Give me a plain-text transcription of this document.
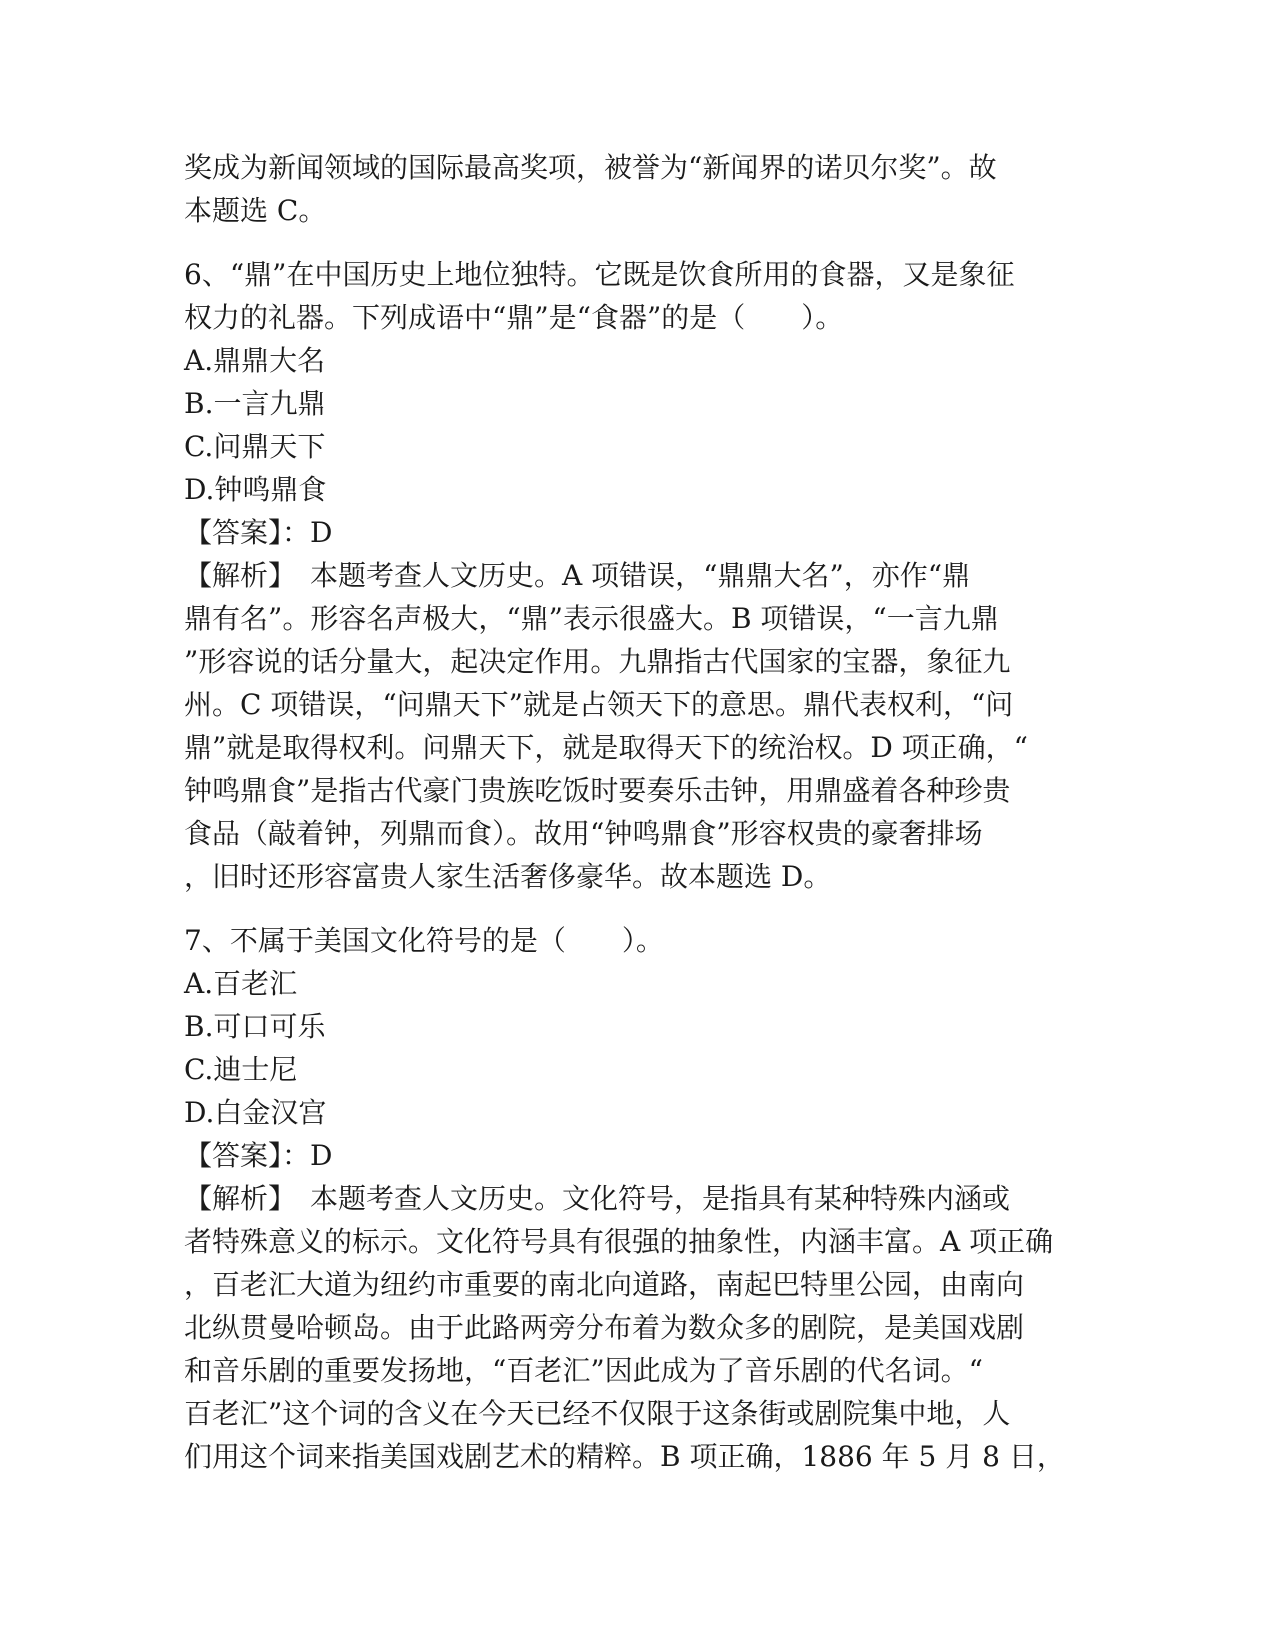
奖成为新闻领域的国际最高奖项，被誉为“新闻界的诺贝尔奖”。故
本题选 C。
6、“鼎”在中国历史上地位独特。它既是饮食所用的食器，又是象征
权力的礼器。下列成语中“鼎”是“食器”的是（　　）。
A.鼎鼎大名
B.一言九鼎
C.问鼎天下
D.钟鸣鼎食
【答案】：D
【解析】　本题考查人文历史。A 项错误，“鼎鼎大名”，亦作“鼎
鼎有名”。形容名声极大，“鼎”表示很盛大。B 项错误，“一言九鼎
”形容说的话分量大，起决定作用。九鼎指古代国家的宝器，象征九
州。C 项错误，“问鼎天下”就是占领天下的意思。鼎代表权利，“问
鼎”就是取得权利。问鼎天下，就是取得天下的统治权。D 项正确，“
钟鸣鼎食”是指古代豪门贵族吃饭时要奏乐击钟，用鼎盛着各种珍贵
食品（敲着钟，列鼎而食）。故用“钟鸣鼎食”形容权贵的豪奢排场
，旧时还形容富贵人家生活奢侈豪华。故本题选 D。
7、不属于美国文化符号的是（　　）。
A.百老汇
B.可口可乐
C.迪士尼
D.白金汉宫
【答案】：D
【解析】　本题考查人文历史。文化符号，是指具有某种特殊内涵或
者特殊意义的标示。文化符号具有很强的抽象性，内涵丰富。A 项正确
，百老汇大道为纽约市重要的南北向道路，南起巴特里公园，由南向
北纵贯曼哈顿岛。由于此路两旁分布着为数众多的剧院，是美国戏剧
和音乐剧的重要发扬地，“百老汇”因此成为了音乐剧的代名词。“
百老汇”这个词的含义在今天已经不仅限于这条街或剧院集中地，人
们用这个词来指美国戏剧艺术的精粹。B 项正确，1886 年 5 月 8 日，
